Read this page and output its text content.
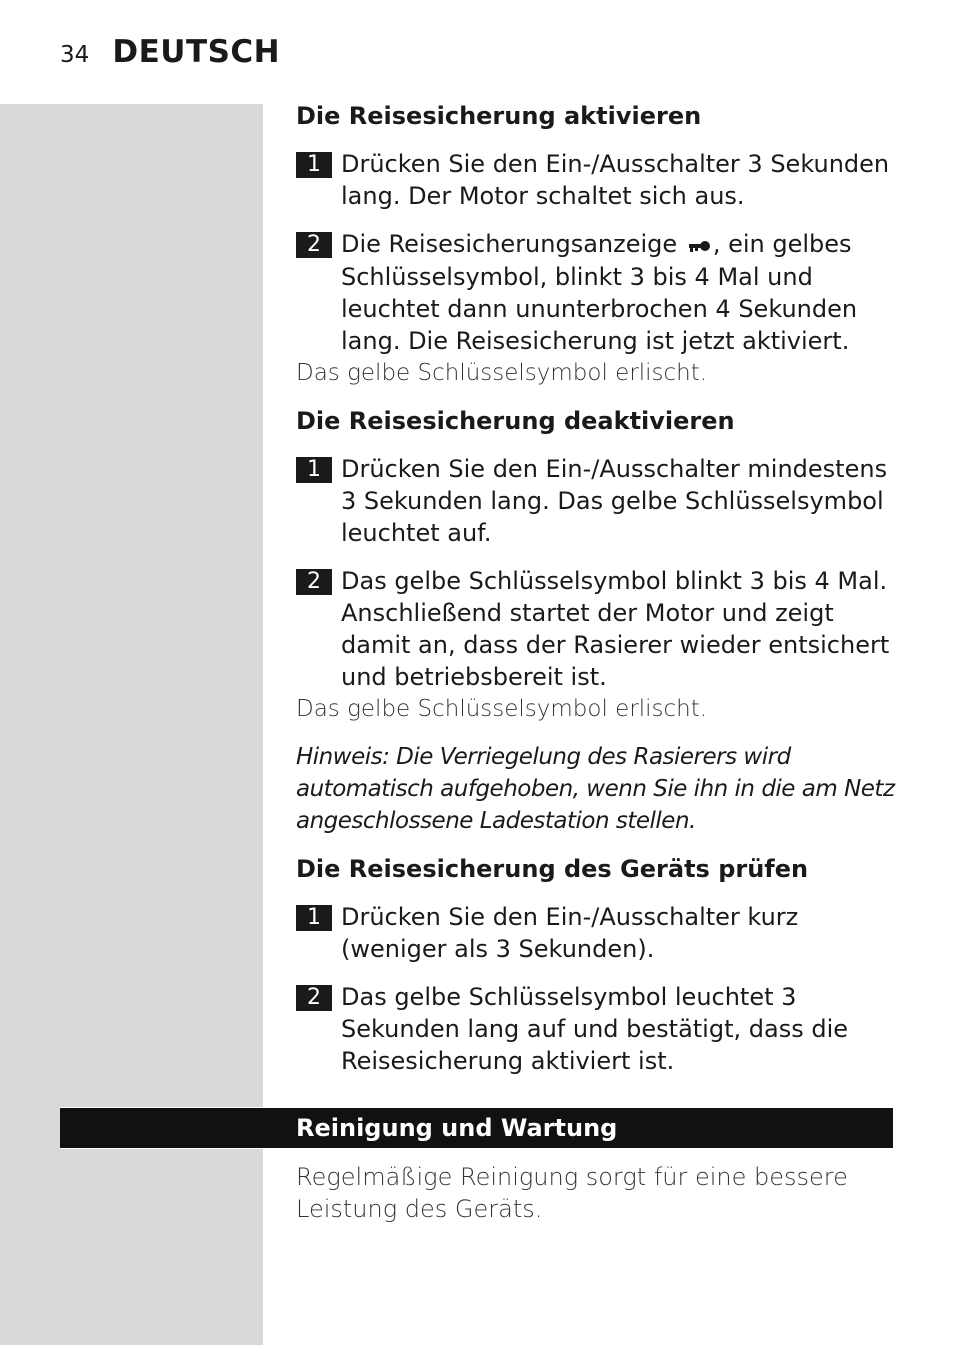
34 DEUTSCH
Die Reisesicherung aktivieren
1 Drücken Sie den Ein-/Ausschalter 3 Sekunden lang. Der Motor schaltet sich aus.
2 Die Reisesicherungsanzeige , ein gelbes Schlüsselsymbol, blinkt 3 bis 4 Mal und leuchtet dann ununterbrochen 4 Sekunden lang. Die Reisesicherung ist jetzt aktiviert.
Das gelbe Schlüsselsymbol erlischt.
Die Reisesicherung deaktivieren
1 Drücken Sie den Ein-/Ausschalter mindestens 3 Sekunden lang. Das gelbe Schlüsselsymbol leuchtet auf.
2 Das gelbe Schlüsselsymbol blinkt 3 bis 4 Mal. Anschließend startet der Motor und zeigt damit an, dass der Rasierer wieder entsichert und betriebsbereit ist.
Das gelbe Schlüsselsymbol erlischt.
Hinweis: Die Verriegelung des Rasierers wird automatisch aufgehoben, wenn Sie ihn in die am Netz angeschlossene Ladestation stellen.
Die Reisesicherung des Geräts prüfen
1 Drücken Sie den Ein-/Ausschalter kurz (weniger als 3 Sekunden).
2 Das gelbe Schlüsselsymbol leuchtet 3 Sekunden lang auf und bestätigt, dass die Reisesicherung aktiviert ist.
Reinigung und Wartung
Regelmäßige Reinigung sorgt für eine bessere Leistung des Geräts.
